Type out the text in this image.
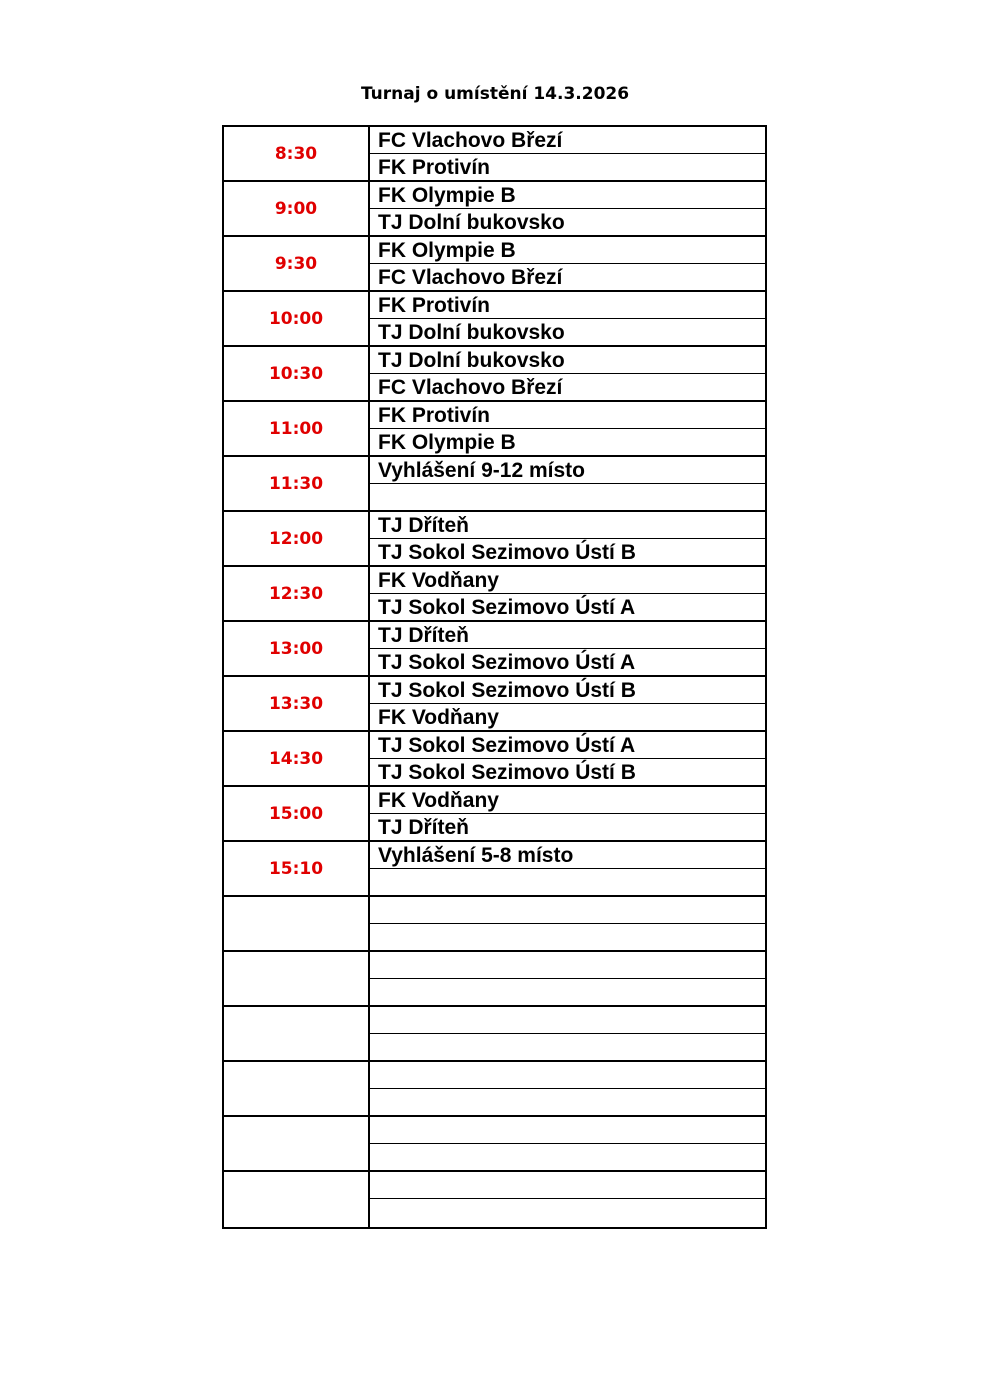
Turnaj o umístění 14.3.2026
8:30
FC Vlachovo Březí
FK Protivín
9:00
FK Olympie B
TJ Dolní bukovsko
9:30
FK Olympie B
FC Vlachovo Březí
10:00
FK Protivín
TJ Dolní bukovsko
10:30
TJ Dolní bukovsko
FC Vlachovo Březí
11:00
FK Protivín
FK Olympie B
11:30
Vyhlášení 9-12 místo
12:00
TJ Dříteň
TJ Sokol Sezimovo Ústí B
12:30
FK Vodňany
TJ Sokol Sezimovo Ústí A
13:00
TJ Dříteň
TJ Sokol Sezimovo Ústí A
13:30
TJ Sokol Sezimovo Ústí B
FK Vodňany
14:30
TJ Sokol Sezimovo Ústí A
TJ Sokol Sezimovo Ústí B
15:00
FK Vodňany
TJ Dříteň
15:10
Vyhlášení 5-8 místo
